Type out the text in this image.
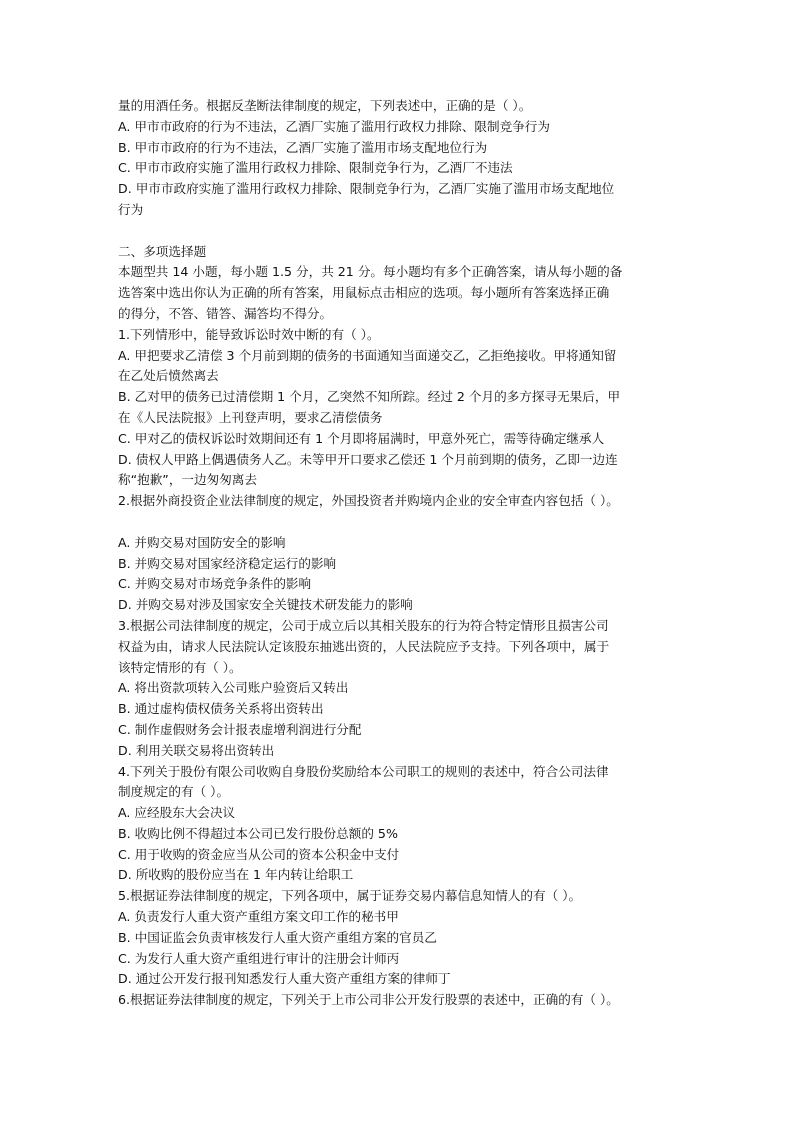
量的用酒任务。根据反垄断法律制度的规定，下列表述中，正确的是（ ）。
A. 甲市市政府的行为不违法，乙酒厂实施了滥用行政权力排除、限制竞争行为
B. 甲市市政府的行为不违法，乙酒厂实施了滥用市场支配地位行为
C. 甲市市政府实施了滥用行政权力排除、限制竞争行为，乙酒厂不违法
D. 甲市市政府实施了滥用行政权力排除、限制竞争行为，乙酒厂实施了滥用市场支配地位
行为
二、多项选择题
本题型共 14 小题，每小题 1.5 分，共 21 分。每小题均有多个正确答案，请从每小题的备
选答案中选出你认为正确的所有答案，用鼠标点击相应的选项。每小题所有答案选择正确
的得分，不答、错答、漏答均不得分。
1.下列情形中，能导致诉讼时效中断的有（ ）。
A. 甲把要求乙清偿 3 个月前到期的债务的书面通知当面递交乙，乙拒绝接收。甲将通知留
在乙处后愤然离去
B. 乙对甲的债务已过清偿期 1 个月，乙突然不知所踪。经过 2 个月的多方探寻无果后，甲
在《人民法院报》上刊登声明，要求乙清偿债务
C. 甲对乙的债权诉讼时效期间还有 1 个月即将届满时，甲意外死亡，需等待确定继承人
D. 债权人甲路上偶遇债务人乙。未等甲开口要求乙偿还 1 个月前到期的债务，乙即一边连
称“抱歉”，一边匆匆离去
2.根据外商投资企业法律制度的规定，外国投资者并购境内企业的安全审查内容包括（ ）。
A. 并购交易对国防安全的影响
B. 并购交易对国家经济稳定运行的影响
C. 并购交易对市场竞争条件的影响
D. 并购交易对涉及国家安全关键技术研发能力的影响
3.根据公司法律制度的规定，公司于成立后以其相关股东的行为符合特定情形且损害公司
权益为由，请求人民法院认定该股东抽逃出资的，人民法院应予支持。下列各项中，属于
该特定情形的有（ ）。
A. 将出资款项转入公司账户验资后又转出
B. 通过虚构债权债务关系将出资转出
C. 制作虚假财务会计报表虚增利润进行分配
D. 利用关联交易将出资转出
4.下列关于股份有限公司收购自身股份奖励给本公司职工的规则的表述中，符合公司法律
制度规定的有（ ）。
A. 应经股东大会决议
B. 收购比例不得超过本公司已发行股份总额的 5%
C. 用于收购的资金应当从公司的资本公积金中支付
D. 所收购的股份应当在 1 年内转让给职工
5.根据证券法律制度的规定，下列各项中，属于证券交易内幕信息知情人的有（ ）。
A. 负责发行人重大资产重组方案文印工作的秘书甲
B. 中国证监会负责审核发行人重大资产重组方案的官员乙
C. 为发行人重大资产重组进行审计的注册会计师丙
D. 通过公开发行报刊知悉发行人重大资产重组方案的律师丁
6.根据证券法律制度的规定，下列关于上市公司非公开发行股票的表述中，正确的有（ ）。
